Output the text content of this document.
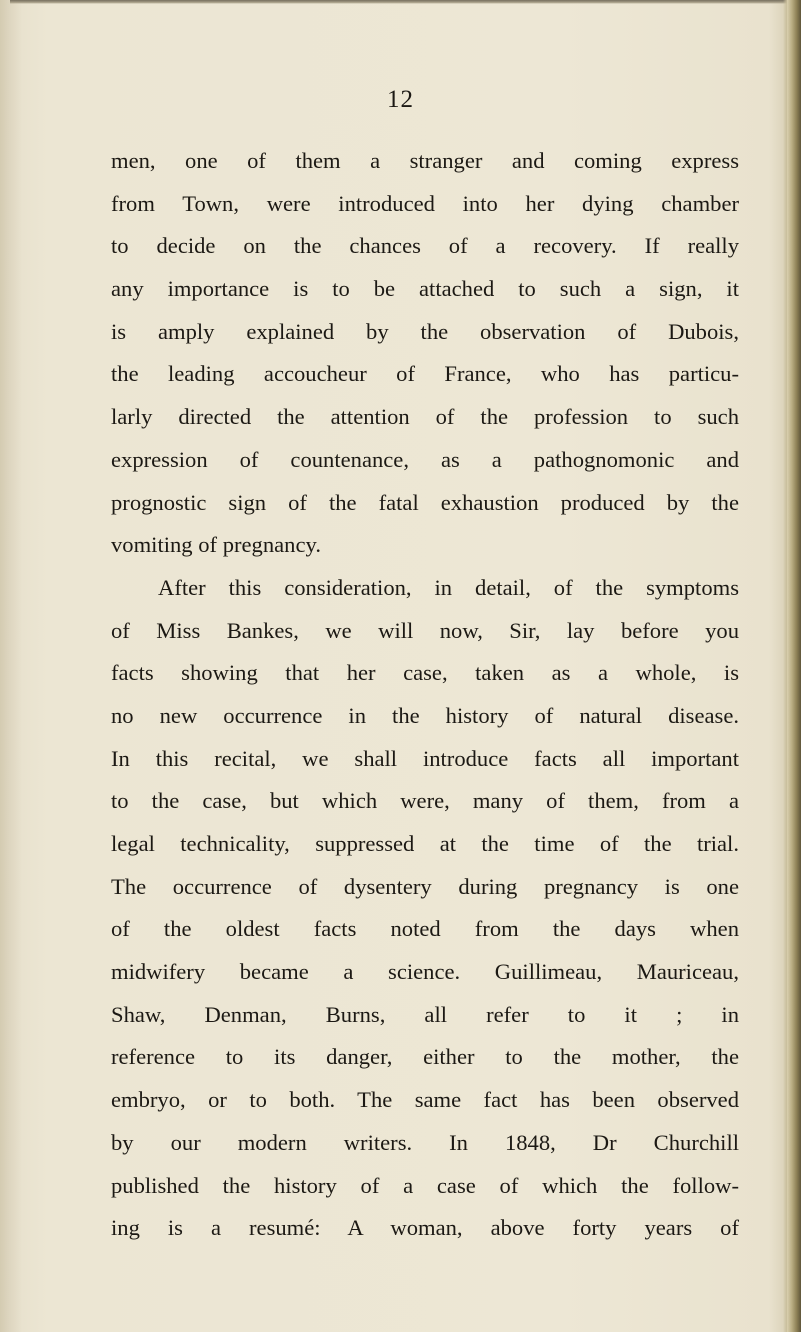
12
men, one of them a stranger and coming express
from Town, were introduced into her dying chamber
to decide on the chances of a recovery. If really
any importance is to be attached to such a sign, it
is amply explained by the observation of Dubois,
the leading accoucheur of France, who has particu-
larly directed the attention of the profession to such
expression of countenance, as a pathognomonic and
prognostic sign of the fatal exhaustion produced by the
vomiting of pregnancy.
After this consideration, in detail, of the symptoms
of Miss Bankes, we will now, Sir, lay before you
facts showing that her case, taken as a whole, is
no new occurrence in the history of natural disease.
In this recital, we shall introduce facts all important
to the case, but which were, many of them, from a
legal technicality, suppressed at the time of the trial.
The occurrence of dysentery during pregnancy is one
of the oldest facts noted from the days when
midwifery became a science. Guillimeau, Mauriceau,
Shaw, Denman, Burns, all refer to it ; in
reference to its danger, either to the mother, the
embryo, or to both. The same fact has been observed
by our modern writers. In 1848, Dr Churchill
published the history of a case of which the follow-
ing is a resumé: A woman, above forty years of
